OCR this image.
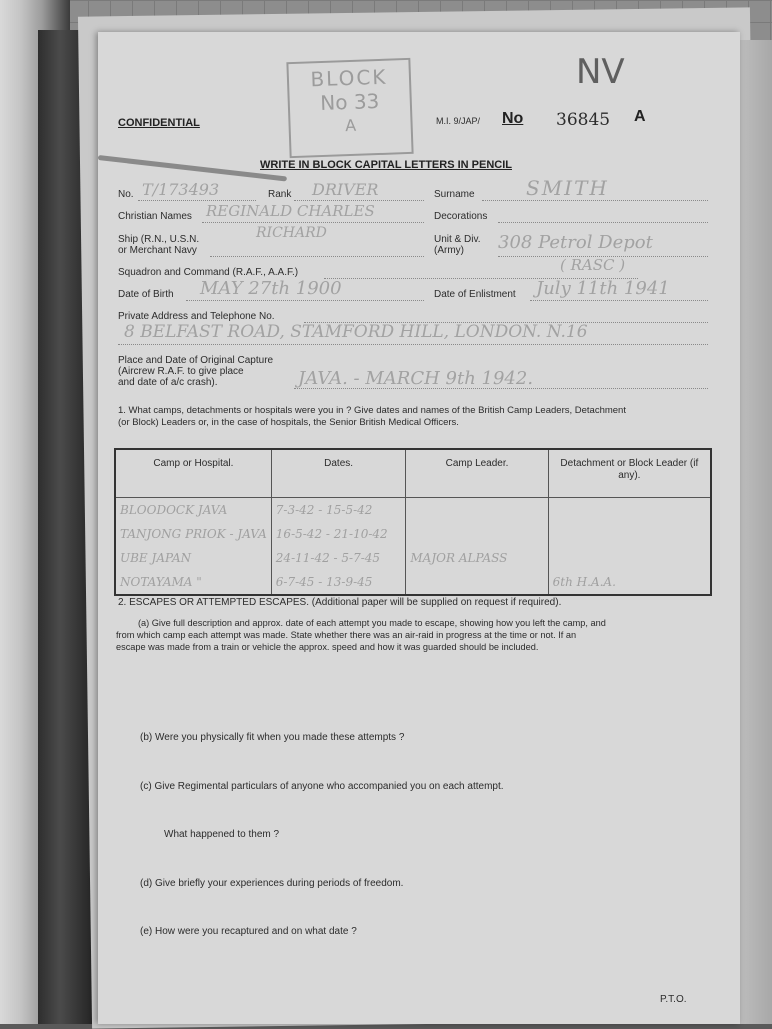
BLOCK
No 33
A
NV
CONFIDENTIAL	M.I. 9/JAP/ No 36845 A
WRITE IN BLOCK CAPITAL LETTERS IN PENCIL
No. T/173493	Rank DRIVER	Surname	SMITH
Christian Names REGINALD CHARLES
RICHARD
Decorations
Ship (R.N., U.S.N.
or Merchant Navy
Unit & Div.
(Army) 308 Petrol Depot
( RASC )
Squadron and Command (R.A.F., A.A.F.)
Date of Birth MAY 27th 1900	Date of Enlistment July 11th 1941
Private Address and Telephone No.
8 BELFAST ROAD, STAMFORD HILL, LONDON. N.16
Place and Date of Original Capture
(Aircrew R.A.F. to give place
and date of a/c crash).	JAVA. - MARCH 9th 1942.
1. What camps, detachments or hospitals were you in ? Give dates and names of the British Camp Leaders, Detachment
(or Block) Leaders or, in the case of hospitals, the Senior British Medical Officers.
Camp or Hospital.	Dates.	Camp Leader.	Detachment or Block Leader (if any).
BLOODOCK JAVA	7-3-42 - 15-5-42		
TANJONG PRIOK - JAVA	16-5-42 - 21-10-42		
UBE JAPAN	24-11-42 - 5-7-45	MAJOR ALPASS	
NOTAYAMA "	6-7-45 - 13-9-45		6th H.A.A.
2. ESCAPES OR ATTEMPTED ESCAPES. (Additional paper will be supplied on request if required).
(a) Give full description and approx. date of each attempt you made to escape, showing how you left the camp, and
from which camp each attempt was made. State whether there was an air-raid in progress at the time or not. If an
escape was made from a train or vehicle the approx. speed and how it was guarded should be included.
(b) Were you physically fit when you made these attempts ?
(c) Give Regimental particulars of anyone who accompanied you on each attempt.
What happened to them ?
(d) Give briefly your experiences during periods of freedom.
(e) How were you recaptured and on what date ?
P.T.O.
